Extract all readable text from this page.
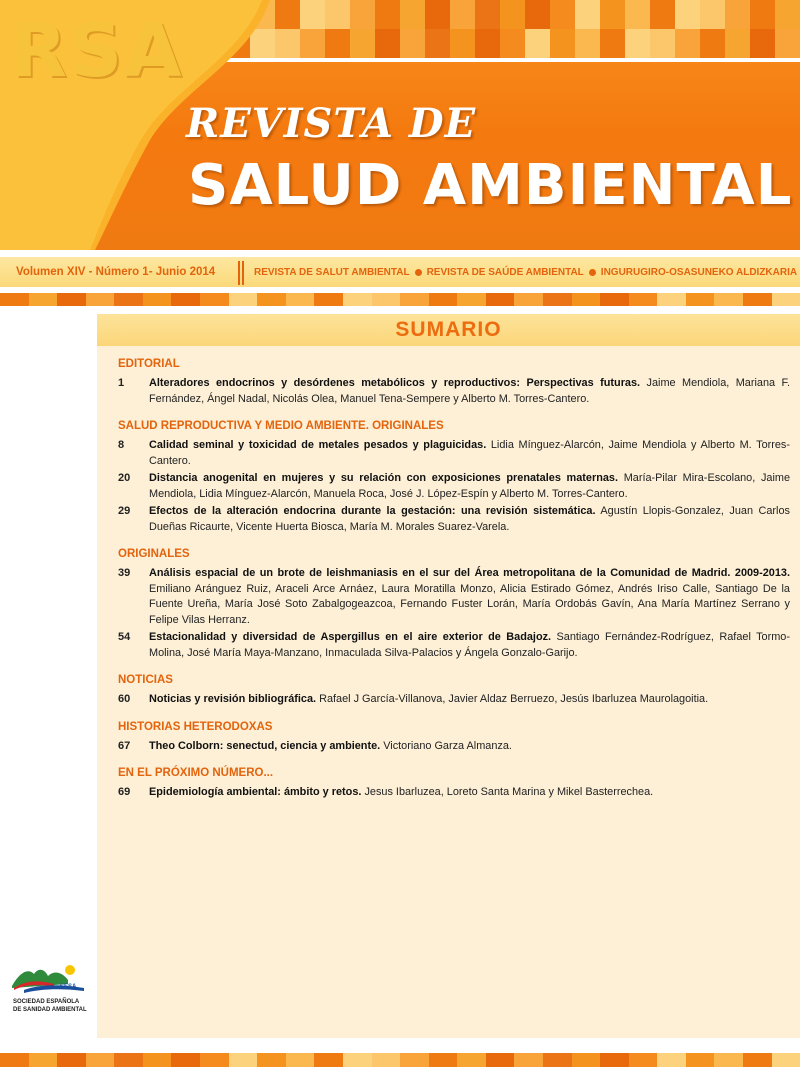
RSA
REVISTA DE
SALUD AMBIENTAL
Volumen XIV - Número 1- Junio 2014	REVISTA DE SALUT AMBIENTAL REVISTA DE SAÚDE AMBIENTAL INGURUGIRO-OSASUNEKO ALDIZKARIA
SUMARIO
EDITORIAL
1	Alteradores endocrinos y desórdenes metabólicos y reproductivos: Perspectivas futuras. Jaime Mendiola, Mariana F. Fernández, Ángel Nadal, Nicolás Olea, Manuel Tena-Sempere y Alberto M. Torres-Cantero.
SALUD REPRODUCTIVA Y MEDIO AMBIENTE. ORIGINALES
8	Calidad seminal y toxicidad de metales pesados y plaguicidas. Lidia Mínguez-Alarcón, Jaime Mendiola y Alberto M. Torres-Cantero.
20	Distancia anogenital en mujeres y su relación con exposiciones prenatales maternas. María-Pilar Mira-Escolano, Jaime Mendiola, Lidia Mínguez-Alarcón, Manuela Roca, José J. López-Espín y Alberto M. Torres-Cantero.
29	Efectos de la alteración endocrina durante la gestación: una revisión sistemática. Agustín Llopis-Gonzalez, Juan Carlos Dueñas Ricaurte, Vicente Huerta Biosca, María M. Morales Suarez-Varela.
ORIGINALES
39	Análisis espacial de un brote de leishmaniasis en el sur del Área metropolitana de la Comunidad de Madrid. 2009-2013. Emiliano Aránguez Ruiz, Araceli Arce Arnáez, Laura Moratilla Monzo, Alicia Estirado Gómez, Andrés Iriso Calle, Santiago De la Fuente Ureña, María José Soto Zabalgogeazcoa, Fernando Fuster Lorán, María Ordobás Gavín, Ana María Martínez Serrano y Felipe Vilas Herranz.
54	Estacionalidad y diversidad de Aspergillus en el aire exterior de Badajoz. Santiago Fernández-Rodríguez, Rafael Tormo-Molina, José María Maya-Manzano, Inmaculada Silva-Palacios y Ángela Gonzalo-Garijo.
NOTICIAS
60	Noticias y revisión bibliográfica. Rafael J García-Villanova, Javier Aldaz Berruezo, Jesús Ibarluzea Maurolagoitia.
HISTORIAS HETERODOXAS
67	Theo Colborn: senectud, ciencia y ambiente. Victoriano Garza Almanza.
EN EL PRÓXIMO NÚMERO...
69	Epidemiología ambiental: ámbito y retos. Jesus Ibarluzea, Loreto Santa Marina y Mikel Basterrechea.
SESA
SOCIEDAD ESPAÑOLA
DE SANIDAD AMBIENTAL
